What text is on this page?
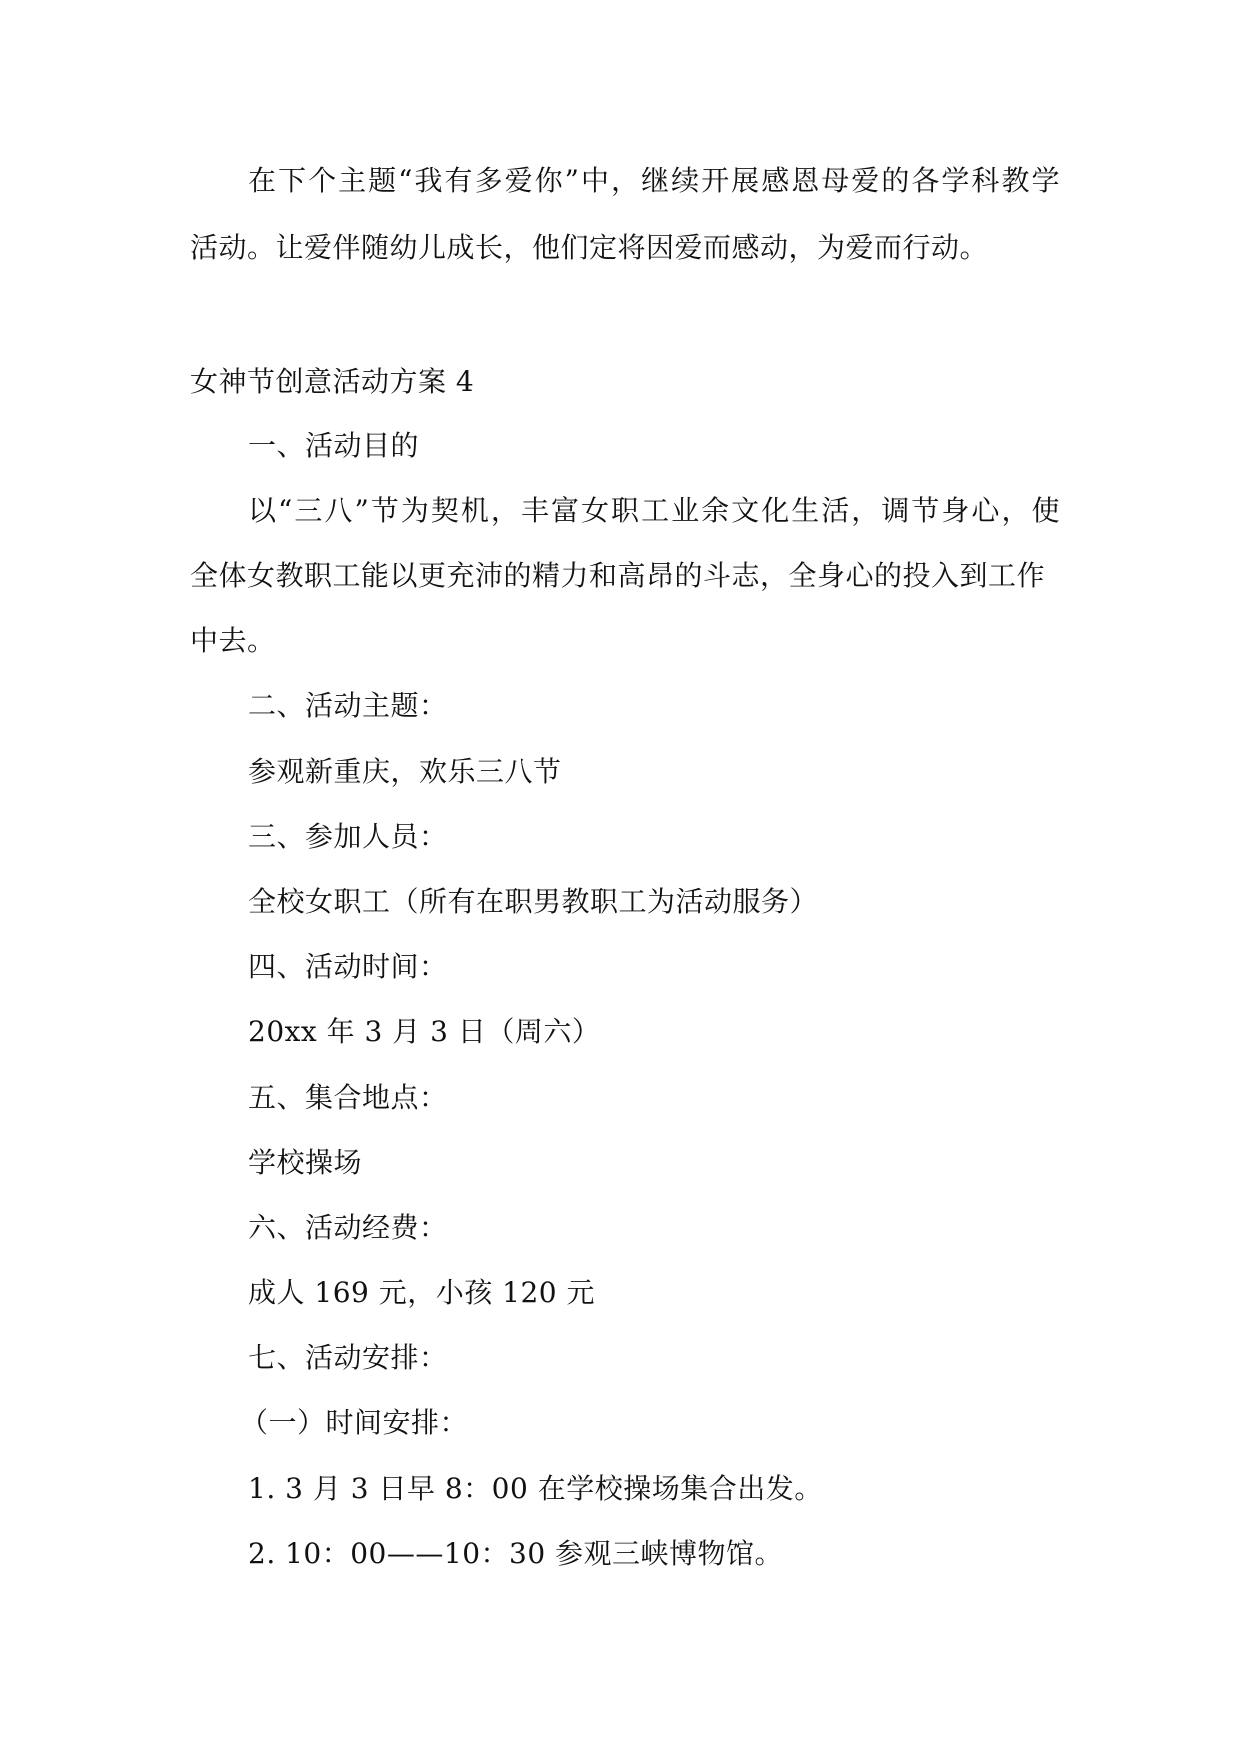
在下个主题“我有多爱你”中，继续开展感恩母爱的各学科教学
活动。让爱伴随幼儿成长，他们定将因爱而感动，为爱而行动。
女神节创意活动方案 4
一、活动目的
以“三八”节为契机，丰富女职工业余文化生活，调节身心，使
全体女教职工能以更充沛的精力和高昂的斗志，全身心的投入到工作
中去。
二、活动主题：
参观新重庆，欢乐三八节
三、参加人员：
全校女职工（所有在职男教职工为活动服务）
四、活动时间：
20xx 年 3 月 3 日（周六）
五、集合地点：
学校操场
六、活动经费：
成人 169 元，小孩 120 元
七、活动安排：
（一）时间安排：
1. 3 月 3 日早 8：00 在学校操场集合出发。
2. 10：00——10：30 参观三峡博物馆。
